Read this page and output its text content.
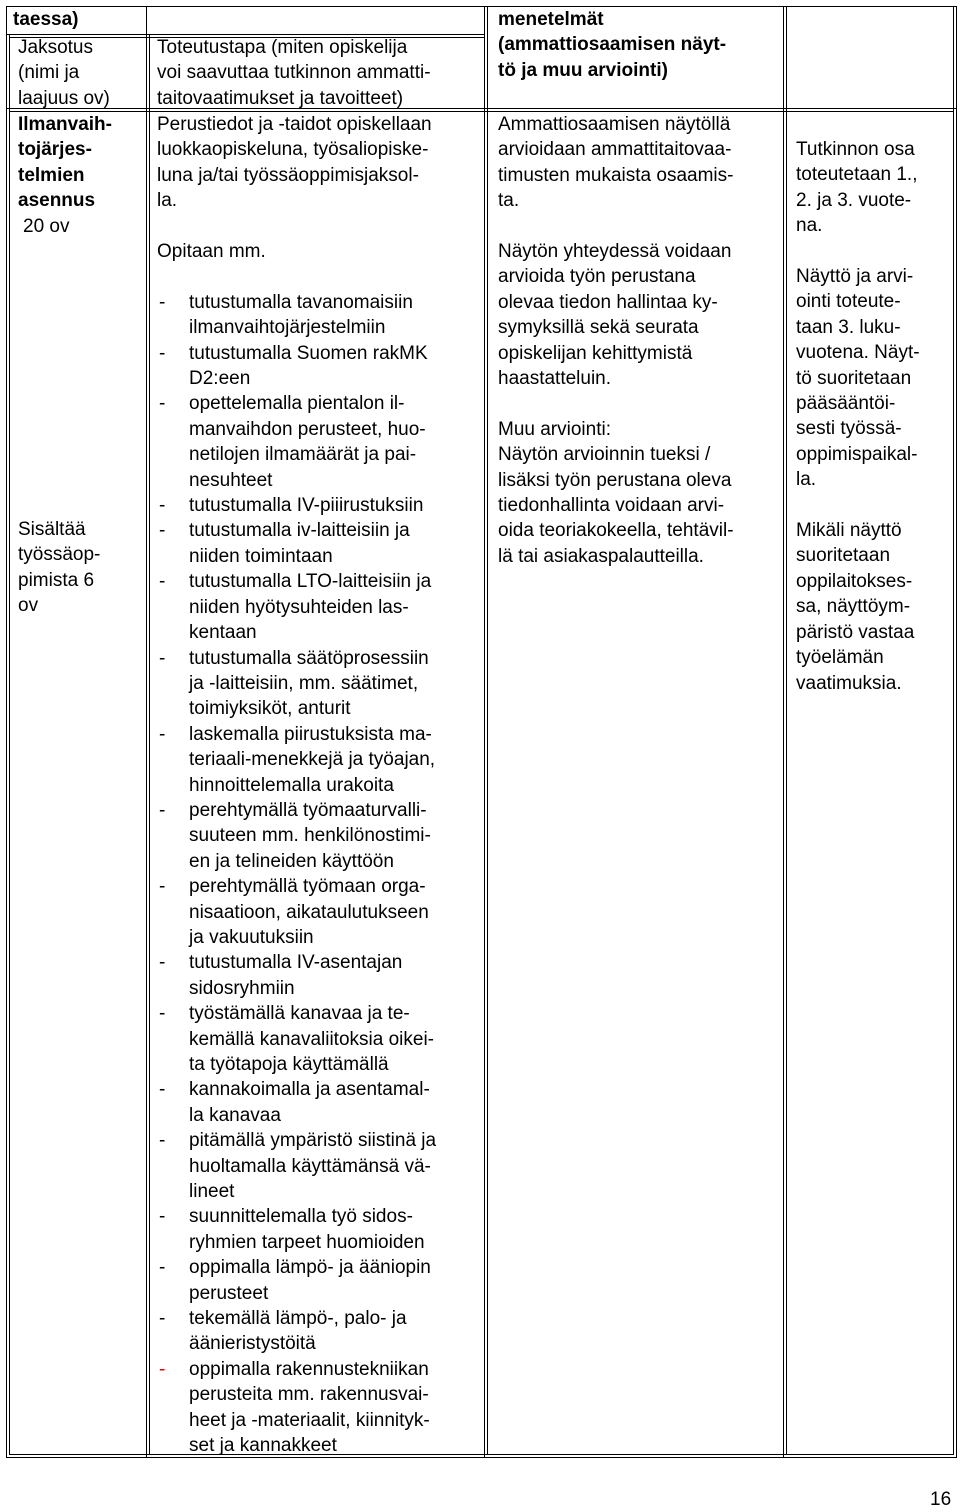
taessa)
Jaksotus
(nimi ja
laajuus ov)
Ilmanvaih-
tojärjes-
telmien
asennus
20 ov
Sisältää
työssäop-
pimista 6
ov
Toteutustapa (miten opiskelija
voi saavuttaa tutkinnon ammatti-
taitovaatimukset ja tavoitteet)
Perustiedot ja -taidot opiskellaan
luokkaopiskeluna, työsaliopiske-
luna ja/tai työssäoppimisjaksol-
la.
Opitaan mm.
- tutustumalla tavanomaisiin
ilmanvaihtojärjestelmiin
- tutustumalla Suomen rakMK
D2:een
- opettelemalla pientalon il-
manvaihdon perusteet, huo-
netilojen ilmamäärät ja pai-
nesuhteet
- tutustumalla IV-piiirustuksiin
- tutustumalla iv-laitteisiin ja
niiden toimintaan
- tutustumalla LTO-laitteisiin ja
niiden hyötysuhteiden las-
kentaan
- tutustumalla säätöprosessiin
ja -laitteisiin, mm. säätimet,
toimiyksiköt, anturit
- laskemalla piirustuksista ma-
teriaali-menekkejä ja työajan,
hinnoittelemalla urakoita
- perehtymällä työmaaturvalli-
suuteen mm. henkilönostimi-
en ja telineiden käyttöön
- perehtymällä työmaan orga-
nisaatioon, aikataulutukseen
ja vakuutuksiin
- tutustumalla IV-asentajan
sidosryhmiin
- työstämällä kanavaa ja te-
kemällä kanavaliitoksia oikei-
ta työtapoja käyttämällä
- kannakoimalla ja asentamal-
la kanavaa
- pitämällä ympäristö siistinä ja
huoltamalla käyttämänsä vä-
lineet
- suunnittelemalla työ sidos-
ryhmien tarpeet huomioiden
- oppimalla lämpö- ja ääniopin
perusteet
- tekemällä lämpö-, palo- ja
äänieristystöitä
- oppimalla rakennustekniikan
perusteita mm. rakennusvai-
heet ja -materiaalit, kiinnityk-
set ja kannakkeet
menetelmät
(ammattiosaamisen näyt-
tö ja muu arviointi)
Ammattiosaamisen näytöllä
arvioidaan ammattitaitovaa-
timusten mukaista osaamis-
ta.
Näytön yhteydessä voidaan
arvioida työn perustana
olevaa tiedon hallintaa ky-
symyksillä sekä seurata
opiskelijan kehittymistä
haastatteluin.
Muu arviointi:
Näytön arvioinnin tueksi /
lisäksi työn perustana oleva
tiedonhallinta voidaan arvi-
oida teoriakokeella, tehtävil-
lä tai asiakaspalautteilla.
Tutkinnon osa
toteutetaan 1.,
2. ja 3. vuote-
na.
Näyttö ja arvi-
ointi toteute-
taan 3. luku-
vuotena. Näyt-
tö suoritetaan
pääsääntöi-
sesti työssä-
oppimispaikal-
la.
Mikäli näyttö
suoritetaan
oppilaitokses-
sa, näyttöym-
päristö vastaa
työelämän
vaatimuksia.
16
